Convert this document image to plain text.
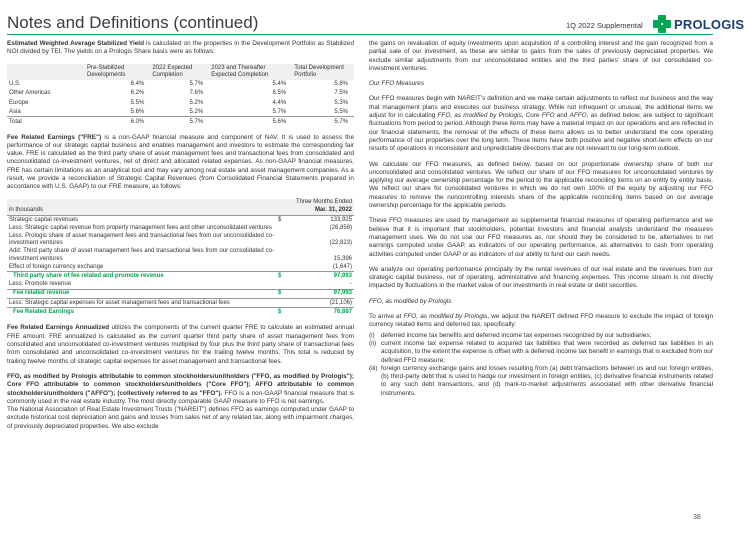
Notes and Definitions (continued)	1Q 2022 Supplemental PROLOGIS

Estimated Weighted Average Stabilized Yield is calculated on the properties in the Development Portfolio as Stabilized NOI divided by TEI. The yields on a Prologis Share basis were as follows:

	Pre-Stabilized Developments	2022 Expected Completion	2023 and Thereafter Expected Completion	Total Development Portfolio
U.S.	6.4%	5.7%	5.4%	5.8%
Other Americas	6.2%	7.6%	8.5%	7.5%
Europe	5.5%	5.2%	4.4%	5.3%
Asia	5.6%	5.2%	5.7%	5.5%
Total	6.0%	5.7%	5.6%	5.7%

Fee Related Earnings ("FRE") is a non-GAAP financial measure and component of NAV. It is used to assess the performance of our strategic capital business and enables management and investors to estimate the corresponding fair value. FRE is calculated as the third party share of asset management fees and transactional fees from consolidated and unconsolidated co-investment ventures, net of direct and allocated related expenses. As non-GAAP financial measures, FRE has certain limitations as an analytical tool and may vary among real estate and asset management companies. As a result, we provide a reconciliation of Strategic Capital Revenues (from Consolidated Financial Statements prepared in accordance with U.S. GAAP) to our FRE measure, as follows:

	Three Months Ended	
in thousands	Mar. 31, 2022	
Strategic capital revenues	$	133,925
Less: Strategic capital revenue from property management fees and other unconsolidated ventures		(26,858)
Less: Prologis share of asset management fees and transactional fees from our unconsolidated co-investment ventures		(22,823)
Add: Third party share of asset management fees and transactional fees from our consolidated co-investment ventures		15,396
Effect of foreign currency exchange		(1,647)
Third party share of fee related and promote revenue	$	97,993
Less: Promote revenue		-
Fee related revenue	$	97,993
Less: Strategic capital expenses for asset management fees and transactional fees		(21,106)
Fee Related Earnings	$	76,887

Fee Related Earnings Annualized utilizes the components of the current quarter FRE to calculate an estimated annual FRE amount. FRE annualized is calculated as the current quarter third party share of asset management fees from consolidated and unconsolidated co-investment ventures multiplied by four plus the third party share of transactional fees from consolidated and unconsolidated co-investment ventures for the trailing twelve months. This total is reduced by trailing twelve months of strategic capital expenses for asset management and transactional fees.

FFO, as modified by Prologis attributable to common stockholders/unitholders ("FFO, as modified by Prologis"); Core FFO attributable to common stockholders/unitholders ("Core FFO"); AFFO attributable to common stockholders/unitholders ("AFFO"); (collectively referred to as "FFO"). FFO is a non-GAAP financial measure that is commonly used in the real estate industry. The most directly comparable GAAP measure to FFO is net earnings.

The National Association of Real Estate Investment Trusts ("NAREIT") defines FFO as earnings computed under GAAP to exclude historical cost depreciation and gains and losses from sales net of any related tax, along with impairment charges, of previously depreciated properties. We also exclude

the gains on revaluation of equity investments upon acquisition of a controlling interest and the gain recognized from a partial sale of our investment, as these are similar to gains from the sales of previously depreciated properties. We exclude similar adjustments from our unconsolidated entities and the third parties' share of our consolidated co-investment ventures.

Our FFO Measures

Our FFO measures begin with NAREIT's definition and we make certain adjustments to reflect our business and the way that management plans and executes our business strategy. While not infrequent or unusual, the additional items we adjust for in calculating FFO, as modified by Prologis, Core FFO and AFFO, as defined below, are subject to significant fluctuations from period to period. Although these items may have a material impact on our operations and are reflected in our financial statements, the removal of the effects of these items allows us to better understand the core operating performance of our properties over the long term. These items have both positive and negative short-term effects on our results of operations in inconsistent and unpredictable directions that are not relevant to our long-term outlook.

We calculate our FFO measures, as defined below, based on our proportionate ownership share of both our unconsolidated and consolidated ventures. We reflect our share of our FFO measures for unconsolidated ventures by applying our average ownership percentage for the period to the applicable reconciling items on an entity by entity basis. We reflect our share for consolidated ventures in which we do not own 100% of the equity by adjusting our FFO measures to remove the noncontrolling interests share of the applicable reconciling items based on our average ownership percentage for the applicable periods.

These FFO measures are used by management as supplemental financial measures of operating performance and we believe that it is important that stockholders, potential investors and financial analysts understand the measures management uses. We do not use our FFO measures as, nor should they be considered to be, alternatives to net earnings computed under GAAP, as indicators of our operating performance, as alternatives to cash from operating activities computed under GAAP or as indicators of our ability to fund our cash needs.

We analyze our operating performance principally by the rental revenues of our real estate and the revenues from our strategic capital business, net of operating, administrative and financing expenses. This income stream is not directly impacted by fluctuations in the market value of our investments in real estate or debt securities.

FFO, as modified by Prologis

To arrive at FFO, as modified by Prologis, we adjust the NAREIT defined FFO measure to exclude the impact of foreign currency related items and deferred tax, specifically:

(i) deferred income tax benefits and deferred income tax expenses recognized by our subsidiaries;
(ii) current income tax expense related to acquired tax liabilities that were recorded as deferred tax liabilities in an acquisition, to the extent the expense is offset with a deferred income tax benefit in earnings that is excluded from our defined FFO measure;
(iii) foreign currency exchange gains and losses resulting from (a) debt transactions between us and our foreign entities, (b) third-party debt that is used to hedge our investment in foreign entities, (c) derivative financial instruments related to any such debt transactions, and (d) mark-to-market adjustments associated with other derivative financial instruments.
38
